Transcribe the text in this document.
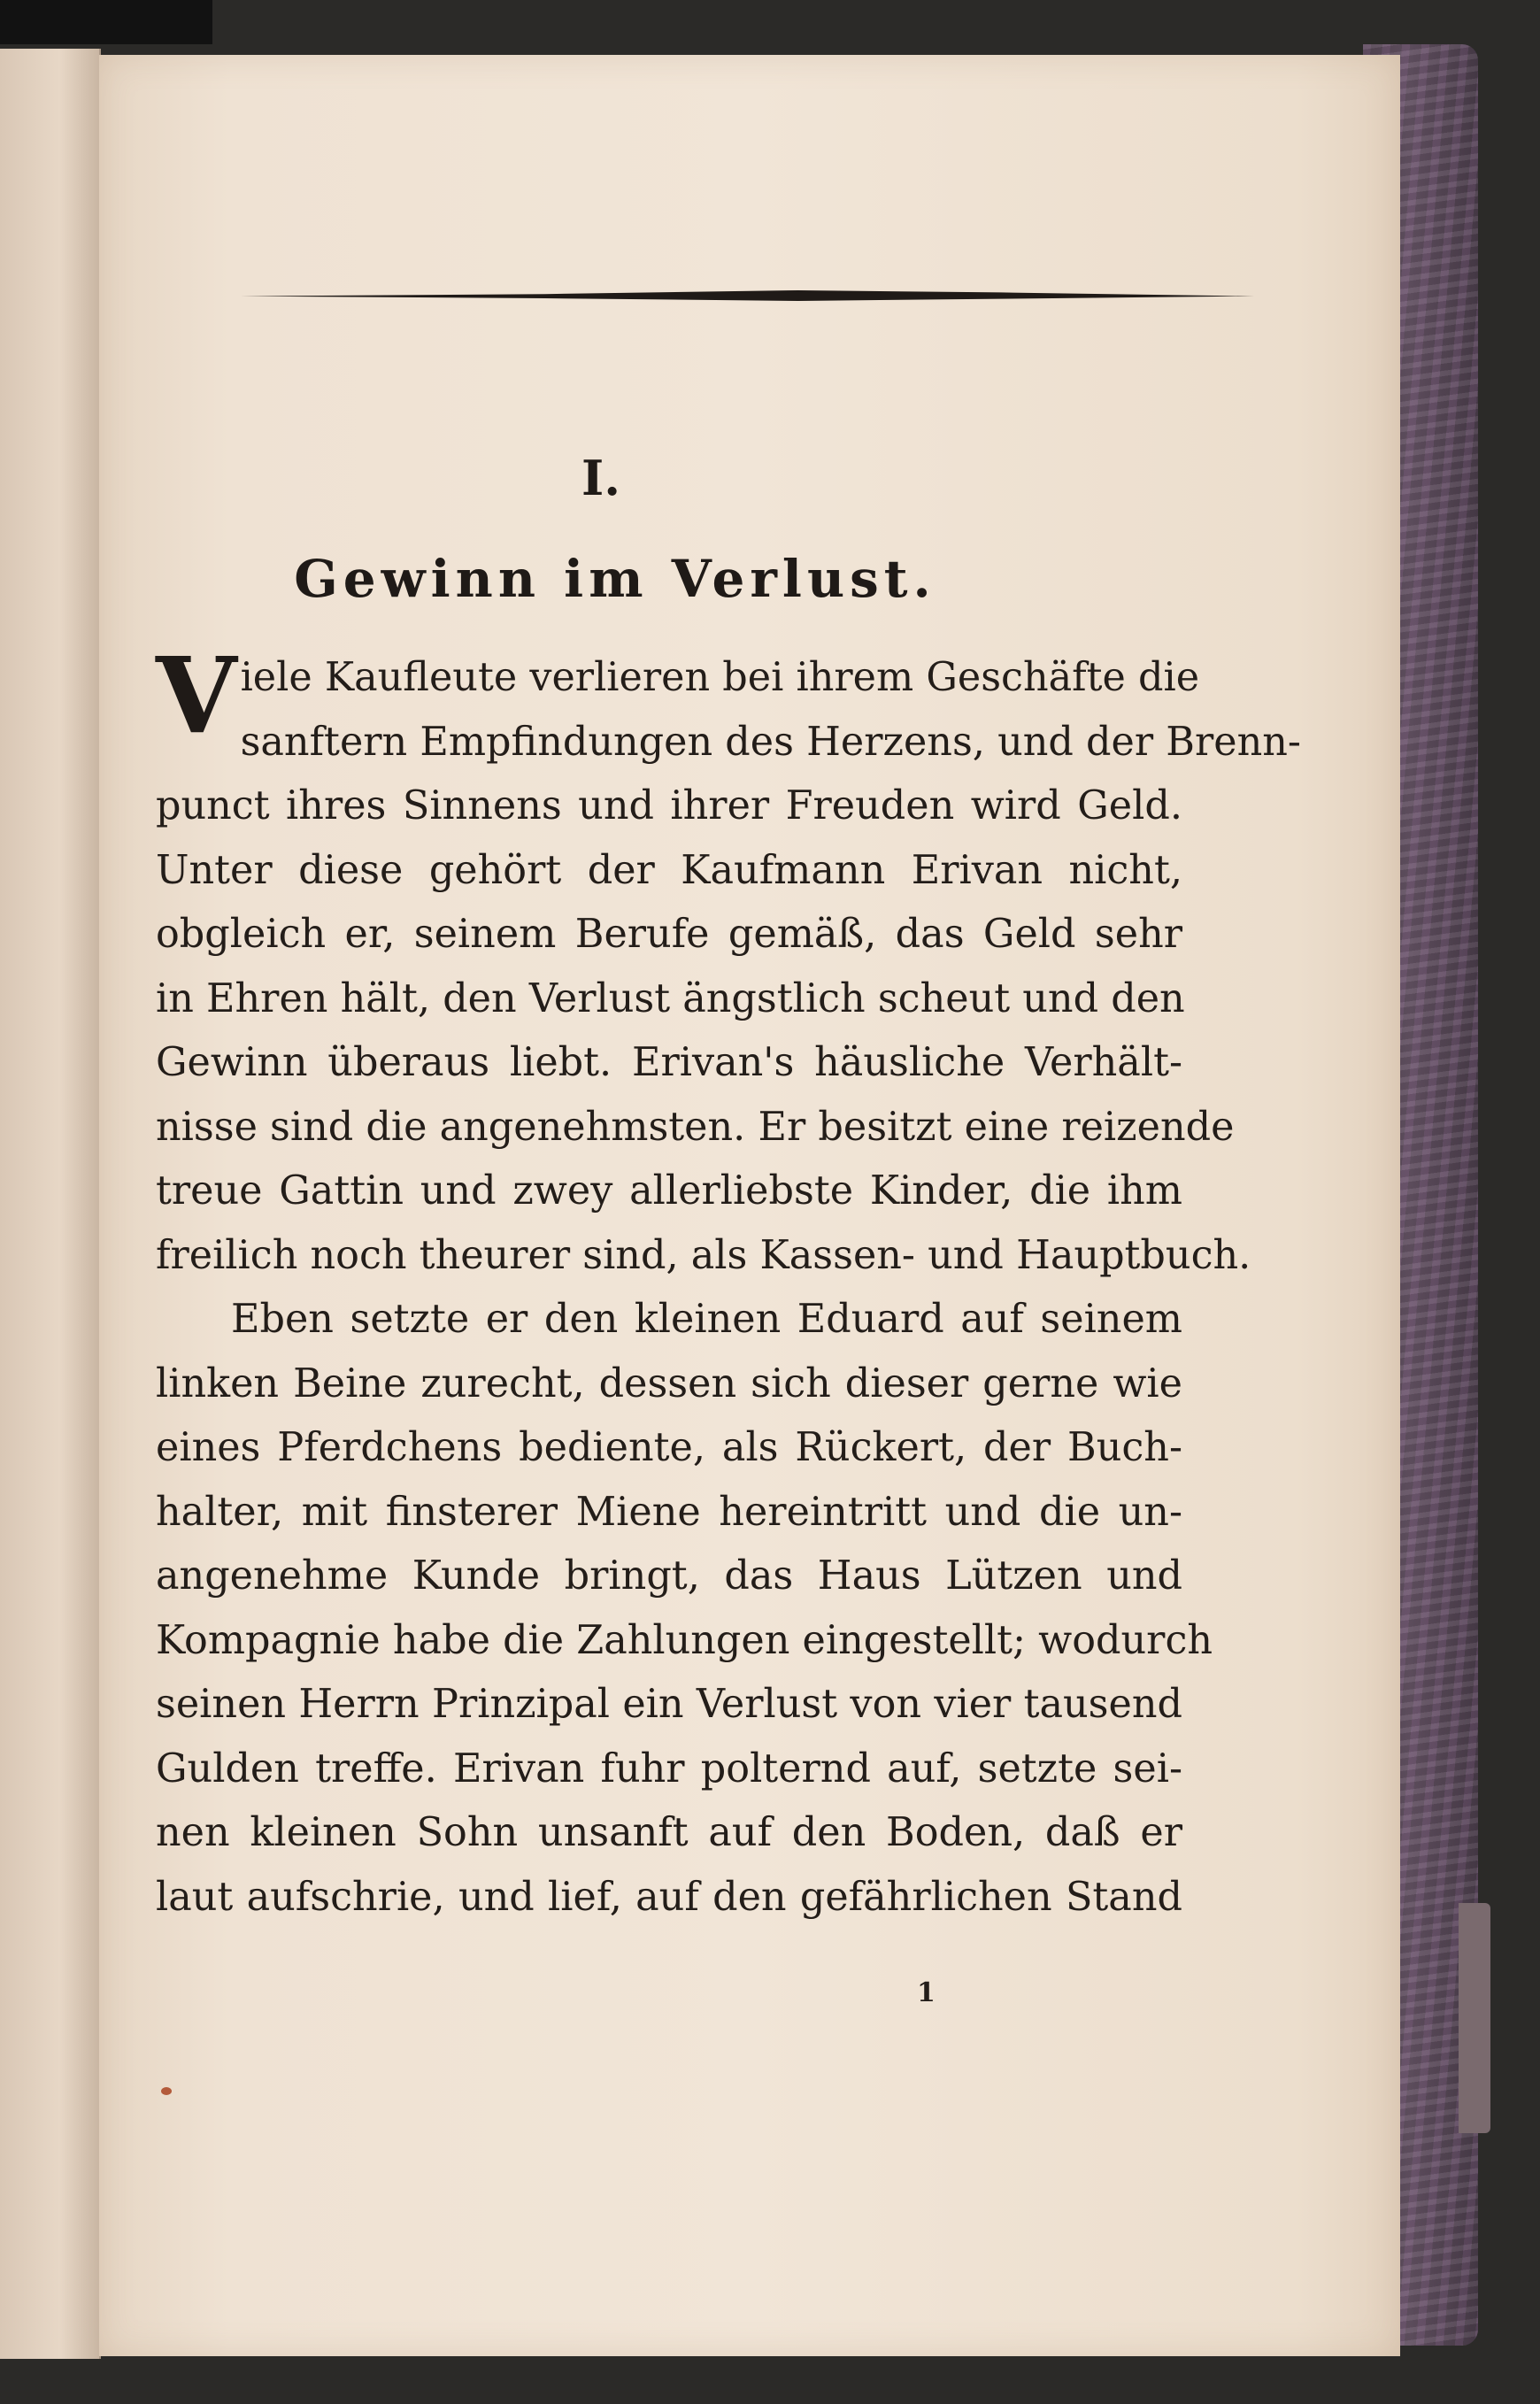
I.
Gewinn im Verlust.
V iele Kaufleute verlieren bei ihrem Geschäfte die
sanftern Empfindungen des Herzens, und der Brenn-
punct ihres Sinnens und ihrer Freuden wird Geld.
Unter diese gehört der Kaufmann Erivan nicht,
obgleich er, seinem Berufe gemäß, das Geld sehr
in Ehren hält, den Verlust ängstlich scheut und den
Gewinn überaus liebt. Erivan's häusliche Verhält-
nisse sind die angenehmsten. Er besitzt eine reizende
treue Gattin und zwey allerliebste Kinder, die ihm
freilich noch theurer sind, als Kassen- und Hauptbuch.
Eben setzte er den kleinen Eduard auf seinem
linken Beine zurecht, dessen sich dieser gerne wie
eines Pferdchens bediente, als Rückert, der Buch-
halter, mit finsterer Miene hereintritt und die un-
angenehme Kunde bringt, das Haus Lützen und
Kompagnie habe die Zahlungen eingestellt; wodurch
seinen Herrn Prinzipal ein Verlust von vier tausend
Gulden treffe. Erivan fuhr polternd auf, setzte sei-
nen kleinen Sohn unsanft auf den Boden, daß er
laut aufschrie, und lief, auf den gefährlichen Stand
1
